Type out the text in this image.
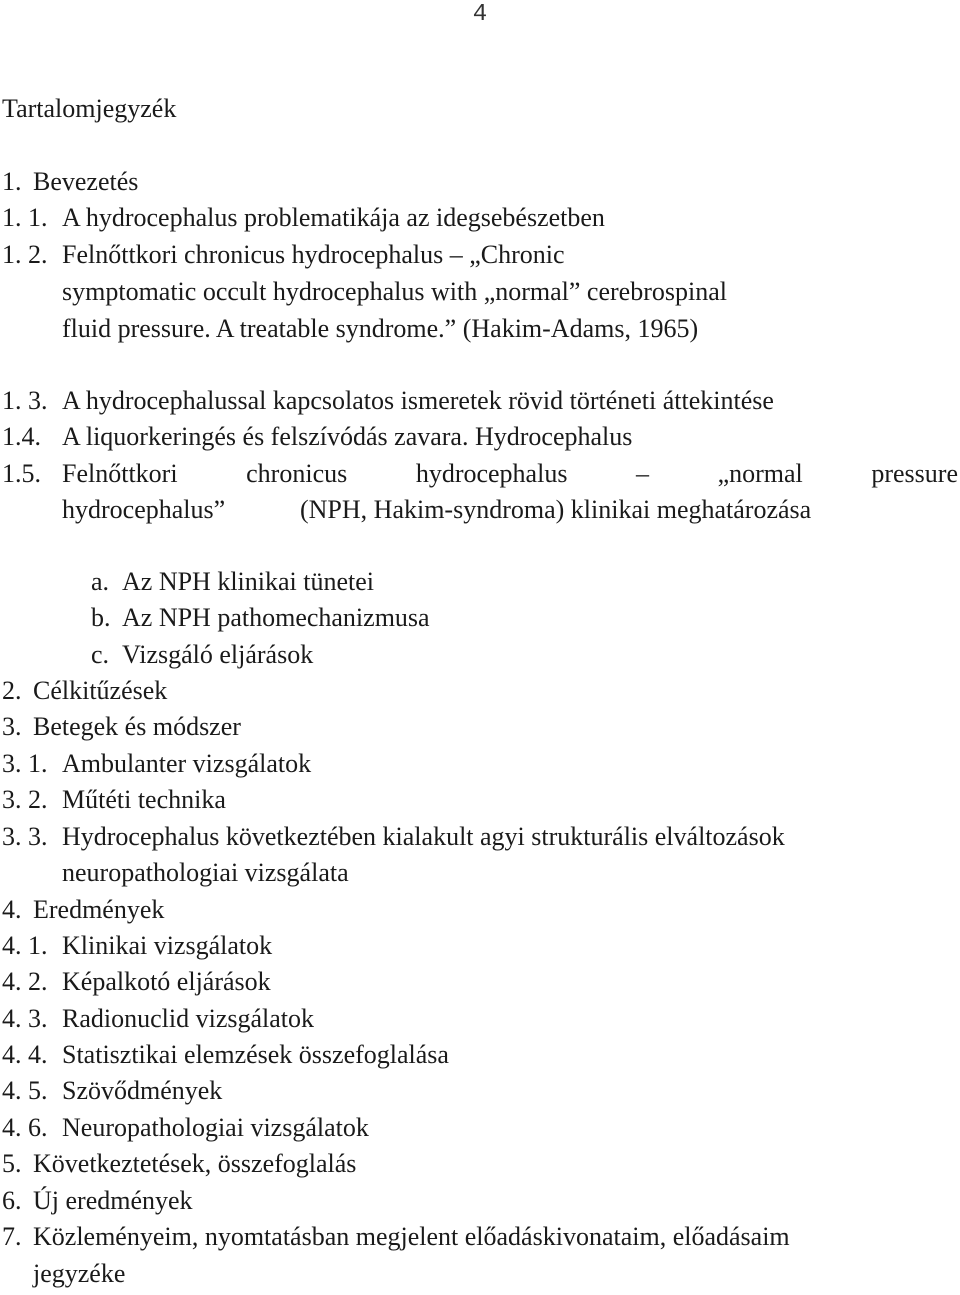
4
Tartalomjegyzék
1. Bevezetés
1. 1. A hydrocephalus problematikája az idegsebészetben
1. 2. Felnőttkori chronicus hydrocephalus – „Chronic
symptomatic occult hydrocephalus with „normal” cerebrospinal
fluid pressure. A treatable syndrome.” (Hakim-Adams, 1965)
1. 3. A hydrocephalussal kapcsolatos ismeretek rövid történeti áttekintése
1.4. A liquorkeringés és felszívódás zavara. Hydrocephalus
1.5. Felnőttkori	chronicus	hydrocephalus	–	„normal	pressure
hydrocephalus”	(NPH, Hakim-syndroma) klinikai meghatározása
a. Az NPH klinikai tünetei
b. Az NPH pathomechanizmusa
c. Vizsgáló eljárások
2. Célkitűzések
3. Betegek és módszer
3. 1. Ambulanter vizsgálatok
3. 2. Műtéti technika
3. 3. Hydrocephalus következtében kialakult agyi strukturális elváltozások
neuropathologiai vizsgálata
4. Eredmények
4. 1. Klinikai vizsgálatok
4. 2. Képalkotó eljárások
4. 3. Radionuclid vizsgálatok
4. 4. Statisztikai elemzések összefoglalása
4. 5. Szövődmények
4. 6. Neuropathologiai vizsgálatok
5. Következtetések, összefoglalás
6. Új eredmények
7. Közleményeim, nyomtatásban megjelent előadáskivonataim, előadásaim
jegyzéke
